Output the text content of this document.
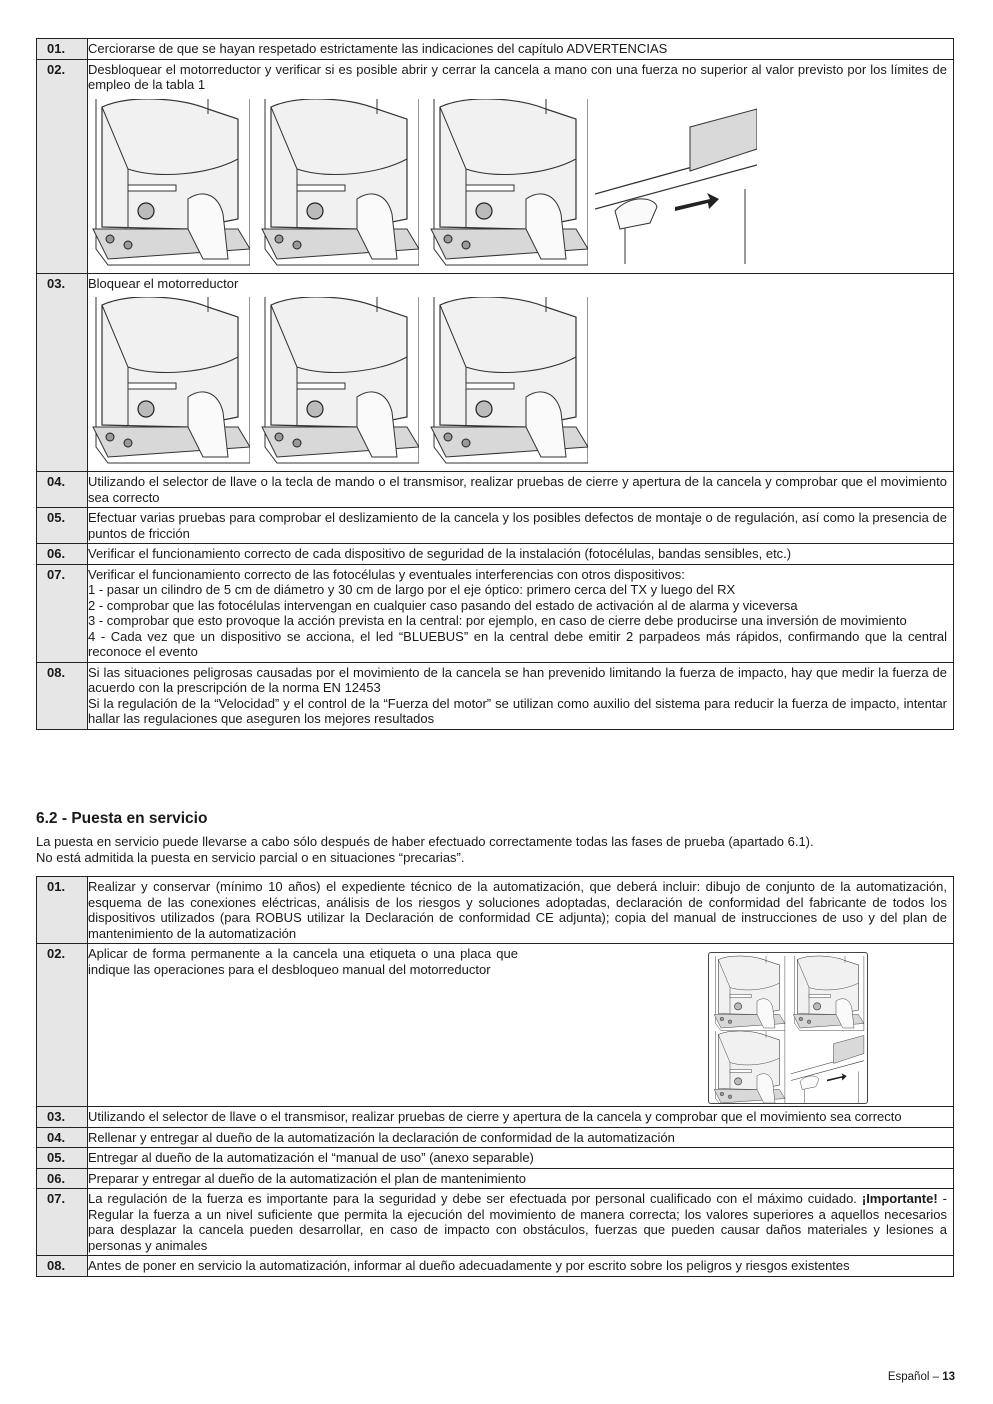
01.	Cerciorarse de que se hayan respetado estrictamente las indicaciones del capítulo ADVERTENCIAS
02.	Desbloquear el motorreductor y verificar si es posible abrir y cerrar la cancela a mano con una fuerza no superior al valor previsto por los límites de empleo de la tabla 1

03.	Bloquear el motorreductor

04.	Utilizando el selector de llave o la tecla de mando o el transmisor, realizar pruebas de cierre y apertura de la cancela y comprobar que el movimiento sea correcto
05.	Efectuar varias pruebas para comprobar el deslizamiento de la cancela y los posibles defectos de montaje o de regulación, así como la presencia de puntos de fricción
06.	Verificar el funcionamiento correcto de cada dispositivo de seguridad de la instalación (fotocélulas, bandas sensibles, etc.)
07.	Verificar el funcionamiento correcto de las fotocélulas y eventuales interferencias con otros dispositivos:
1 - pasar un cilindro de 5 cm de diámetro y 30 cm de largo por el eje óptico: primero cerca del TX y luego del RX
2 - comprobar que las fotocélulas intervengan en cualquier caso pasando del estado de activación al de alarma y viceversa
3 - comprobar que esto provoque la acción prevista en la central: por ejemplo, en caso de cierre debe producirse una inversión de movimiento
4 - Cada vez que un dispositivo se acciona, el led “BLUEBUS” en la central debe emitir 2 parpadeos más rápidos, confirmando que la central reconoce el evento

08.	Si las situaciones peligrosas causadas por el movimiento de la cancela se han prevenido limitando la fuerza de impacto, hay que medir la fuerza de acuerdo con la prescripción de la norma EN 12453
Si la regulación de la “Velocidad” y el control de la “Fuerza del motor” se utilizan como auxilio del sistema para reducir la fuerza de impacto, intentar hallar las regulaciones que aseguren los mejores resultados
6.2 - Puesta en servicio
La puesta en servicio puede llevarse a cabo sólo después de haber efectuado correctamente todas las fases de prueba (apartado 6.1).
No está admitida la puesta en servicio parcial o en situaciones “precarias”.
01.	Realizar y conservar (mínimo 10 años) el expediente técnico de la automatización, que deberá incluir: dibujo de conjunto de la automatización, esquema de las conexiones eléctricas, análisis de los riesgos y soluciones adoptadas, declaración de conformidad del fabricante de todos los dispositivos utilizados (para ROBUS utilizar la Declaración de conformidad CE adjunta); copia del manual de instrucciones de uso y del plan de mantenimiento de la automatización
02.	Aplicar de forma permanente a la cancela una etiqueta o una placa que indique las operaciones para el desbloqueo manual del motorreductor

03.	Utilizando el selector de llave o el transmisor, realizar pruebas de cierre y apertura de la cancela y comprobar que el movimiento sea correcto
04.	Rellenar y entregar al dueño de la automatización la declaración de conformidad de la automatización
05.	Entregar al dueño de la automatización el “manual de uso” (anexo separable)
06.	Preparar y entregar al dueño de la automatización el plan de mantenimiento
07.	La regulación de la fuerza es importante para la seguridad y debe ser efectuada por personal cualificado con el máximo cuidado. ¡Importante! - Regular la fuerza a un nivel suficiente que permita la ejecución del movimiento de manera correcta; los valores superiores a aquellos necesarios para desplazar la cancela pueden desarrollar, en caso de impacto con obstáculos, fuerzas que pueden causar daños materiales y lesiones a personas y animales
08.	Antes de poner en servicio la automatización, informar al dueño adecuadamente y por escrito sobre los peligros y riesgos existentes
Español – 13
